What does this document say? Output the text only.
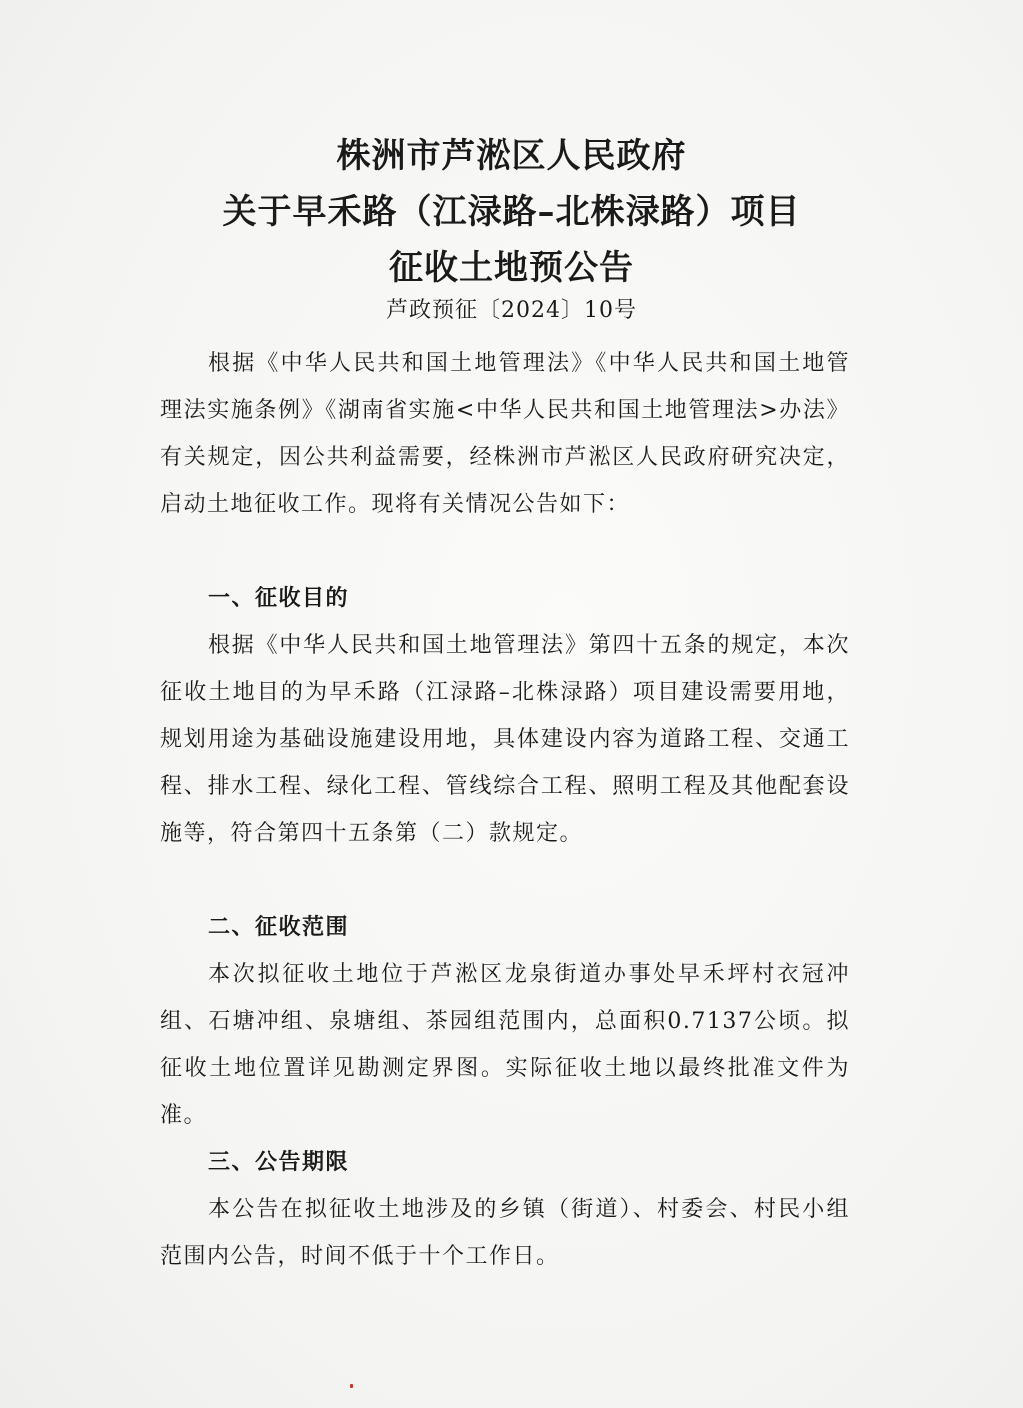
株洲市芦淞区人民政府
关于早禾路（江渌路–北株渌路）项目
征收土地预公告
芦政预征〔2024〕10号

根据《中华人民共和国土地管理法》《中华人民共和国土地管理法实施条例》《湖南省实施<中华人民共和国土地管理法>办法》有关规定，因公共利益需要，经株洲市芦淞区人民政府研究决定，启动土地征收工作。现将有关情况公告如下：

一、征收目的

根据《中华人民共和国土地管理法》第四十五条的规定，本次征收土地目的为早禾路（江渌路–北株渌路）项目建设需要用地，规划用途为基础设施建设用地，具体建设内容为道路工程、交通工程、排水工程、绿化工程、管线综合工程、照明工程及其他配套设施等，符合第四十五条第（二）款规定。

二、征收范围

本次拟征收土地位于芦淞区龙泉街道办事处早禾坪村衣冠冲组、石塘冲组、泉塘组、茶园组范围内，总面积0.7137公顷。拟征收土地位置详见勘测定界图。实际征收土地以最终批准文件为准。

三、公告期限

本公告在拟征收土地涉及的乡镇（街道）、村委会、村民小组范围内公告，时间不低于十个工作日。
